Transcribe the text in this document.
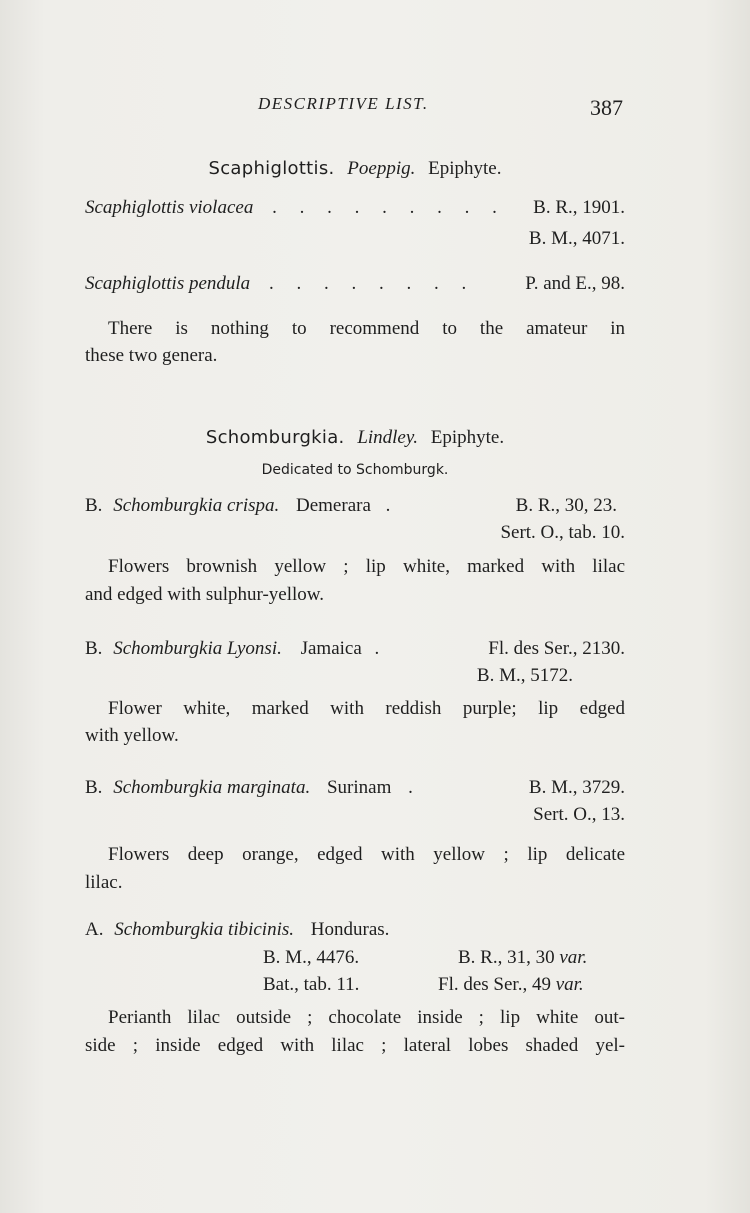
DESCRIPTIVE LIST.	387
Scaphiglottis. Poeppig. Epiphyte.
Scaphiglottis violacea . . . . . . . . . B. R., 1901.
B. M., 4071.
Scaphiglottis pendula . . . . . . . .	P. and E., 98.
There is nothing to recommend to the amateur in
these two genera.
Schomburgkia. Lindley. Epiphyte.
Dedicated to Schomburgk.
B. Schomburgkia crispa. Demerara .	B. R., 30, 23.
Sert. O., tab. 10.
Flowers brownish yellow ; lip white, marked with lilac
and edged with sulphur-yellow.
B. Schomburgkia Lyonsi. Jamaica .	Fl. des Ser., 2130.
B. M., 5172.
Flower white, marked with reddish purple; lip edged
with yellow.
B. Schomburgkia marginata. Surinam .	B. M., 3729.
Sert. O., 13.
Flowers deep orange, edged with yellow ; lip delicate
lilac.
A. Schomburgkia tibicinis. Honduras.
B. M., 4476.	B. R., 31, 30 var.
Bat., tab. 11.	Fl. des Ser., 49 var.
Perianth lilac outside ; chocolate inside ; lip white out-
side ; inside edged with lilac ; lateral lobes shaded yel-
